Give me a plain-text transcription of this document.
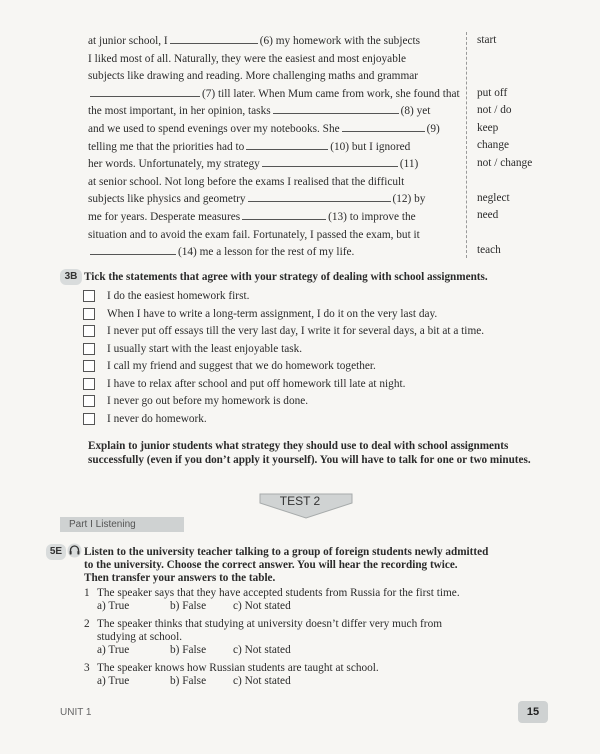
at junior school, I	(6) my homework with the subjects
I liked most of all. Naturally, they were the easiest and most enjoyable
subjects like drawing and reading. More challenging maths and grammar
(7) till later. When Mum came from work, she found that
the most important, in her opinion, tasks	(8) yet
and we used to spend evenings over my notebooks. She	(9)
telling me that the priorities had to	(10) but I ignored
her words. Unfortunately, my strategy	(11)
at senior school. Not long before the exams I realised that the difficult
subjects like physics and geometry	(12) by
me for years. Desperate measures	(13) to improve the
situation and to avoid the exam fail. Fortunately, I passed the exam, but it
(14) me a lesson for the rest of my life.
start
put off
not / do
keep
change
not / change
neglect
need
teach
3B Tick the statements that agree with your strategy of dealing with school assignments.
I do the easiest homework first.
When I have to write a long-term assignment, I do it on the very last day.
I never put off essays till the very last day, I write it for several days, a bit at a time.
I usually start with the least enjoyable task.
I call my friend and suggest that we do homework together.
I have to relax after school and put off homework till late at night.
I never go out before my homework is done.
I never do homework.
Explain to junior students what strategy they should use to deal with school assignments
successfully (even if you don’t apply it yourself). You will have to talk for one or two minutes.
TEST 2
Part I Listening
5E	Listen to the university teacher talking to a group of foreign students newly admitted
to the university. Choose the correct answer. You will hear the recording twice.
Then transfer your answers to the table.
1 The speaker says that they have accepted students from Russia for the first time.
a) True	b) False c) Not stated
2 The speaker thinks that studying at university doesn’t differ very much from
studying at school.
a) True	b) False c) Not stated
3 The speaker knows how Russian students are taught at school.
a) True	b) False c) Not stated
UNIT 1	15
